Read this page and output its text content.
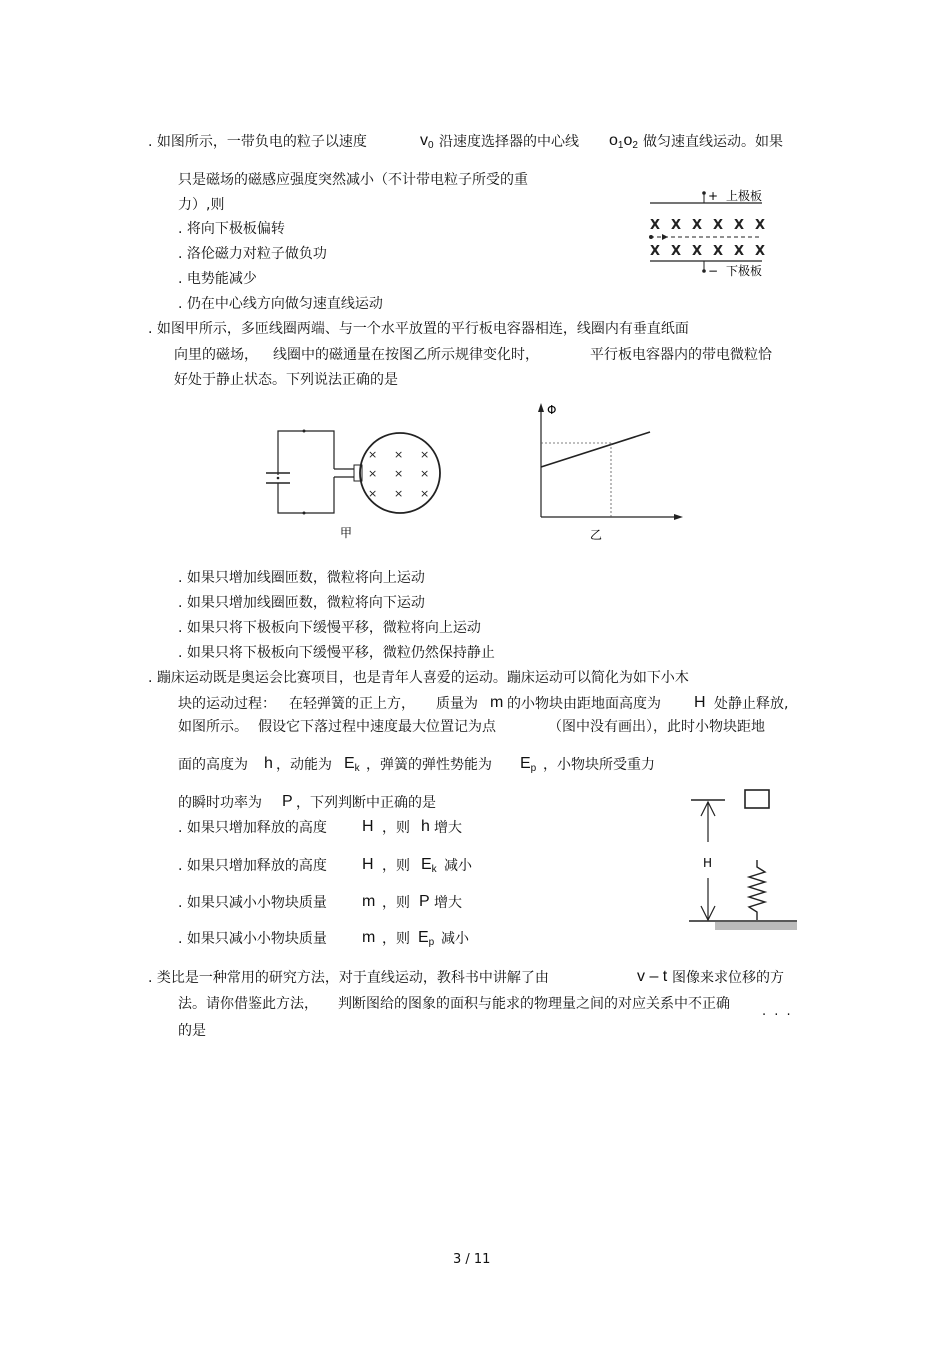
. 如图所示，一带负电的粒子以速度	$v_0$ 沿速度选择器的中心线 $o_1o_2$ 做匀速直线运动。如果
只是磁场的磁感应强度突然减小（不计带电粒子所受的重
力）,则
. 将向下极板偏转
. 洛伦磁力对粒子做负功
. 电势能减少
. 仍在中心线方向做匀速直线运动
+ 上极板
X X X X X X
X X X X X X
− 下极板
. 如图甲所示，多匝线圈两端、与一个水平放置的平行板电容器相连，线圈内有垂直纸面
向里的磁场， 线圈中的磁通量在按图乙所示规律变化时，	平行板电容器内的带电微粒恰
好处于静止状态。下列说法正确的是
× × ×
× × ×
× × ×
甲
Φ
乙
. 如果只增加线圈匝数，微粒将向上运动
. 如果只增加线圈匝数，微粒将向下运动
. 如果只将下极板向下缓慢平移，微粒将向上运动
. 如果只将下极板向下缓慢平移，微粒仍然保持静止
. 蹦床运动既是奥运会比赛项目，也是青年人喜爱的运动。蹦床运动可以简化为如下小木
块的运动过程： 在轻弹簧的正上方， 质量为 m 的小物块由距地面高度为 H 处静止释放,
如图所示。 假设它下落过程中速度最大位置记为点	（图中没有画出），此时小物块距地
面的高度为 h ，动能为 $E_k$ ，弹簧的弹性势能为 $E_p$ ，小物块所受重力
的瞬时功率为 P ，下列判断中正确的是
. 如果只增加释放的高度 H ，则 h 增大
. 如果只增加释放的高度 H ，则 $E_k$ 减小
. 如果只减小小物块质量 m ，则 P 增大
. 如果只减小小物块质量 m ，则 $E_p$ 减小
H
. 类比是一种常用的研究方法，对于直线运动，教科书中讲解了由	v – t 图像来求位移的方
法。请你借鉴此方法， 判断图给的图象的面积与能求的物理量之间的对应关系中不正确 . . .
的是
3 / 11
